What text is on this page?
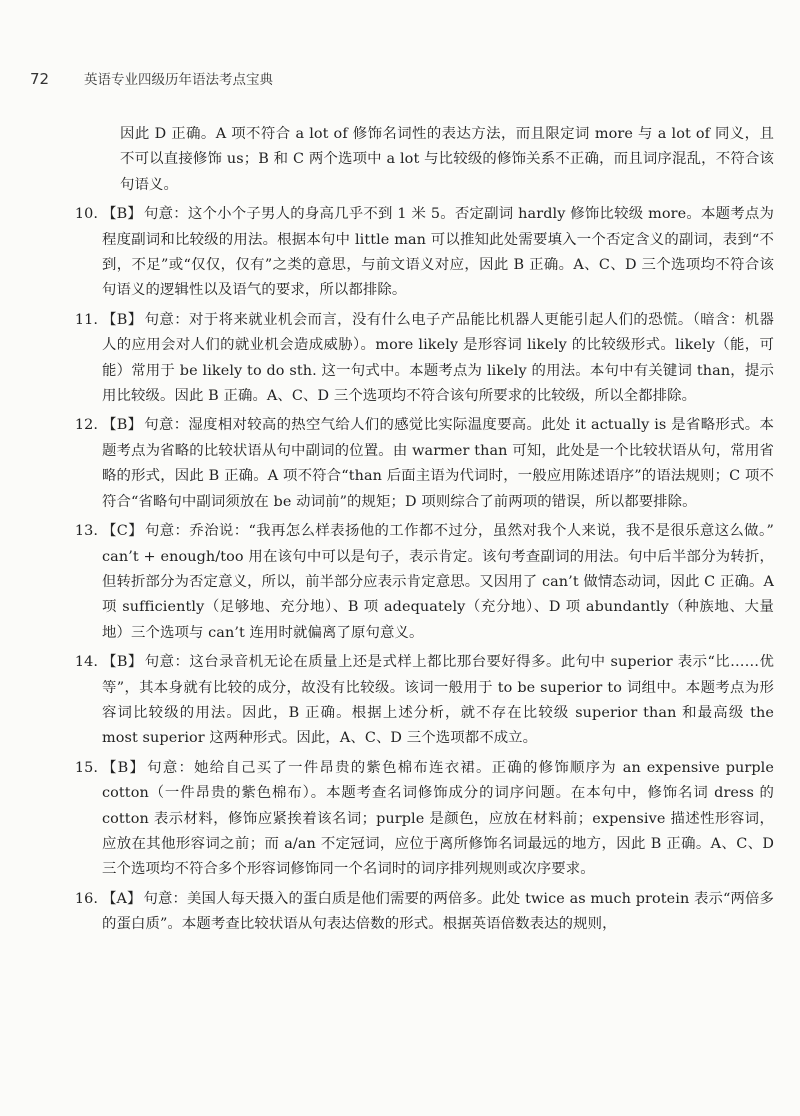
72	英语专业四级历年语法考点宝典

因此 D 正确。A 项不符合 a lot of 修饰名词性的表达方法，而且限定词 more 与 a lot of 同义，且不可以直接修饰 us；B 和 C 两个选项中 a lot 与比较级的修饰关系不正确，而且词序混乱，不符合该句语义。

10. 【B】 句意：这个小个子男人的身高几乎不到 1 米 5。否定副词 hardly 修饰比较级 more。本题考点为程度副词和比较级的用法。根据本句中 little man 可以推知此处需要填入一个否定含义的副词，表到“不到，不足”或“仅仅，仅有”之类的意思，与前文语义对应，因此 B 正确。A、C、D 三个选项均不符合该句语义的逻辑性以及语气的要求，所以都排除。
11. 【B】 句意：对于将来就业机会而言，没有什么电子产品能比机器人更能引起人们的恐慌。（暗含：机器人的应用会对人们的就业机会造成威胁）。more likely 是形容词 likely 的比较级形式。likely（能，可能）常用于 be likely to do sth. 这一句式中。本题考点为 likely 的用法。本句中有关键词 than，提示用比较级。因此 B 正确。A、C、D 三个选项均不符合该句所要求的比较级，所以全都排除。
12. 【B】 句意：湿度相对较高的热空气给人们的感觉比实际温度要高。此处 it actually is 是省略形式。本题考点为省略的比较状语从句中副词的位置。由 warmer than 可知，此处是一个比较状语从句，常用省略的形式，因此 B 正确。A 项不符合“than 后面主语为代词时，一般应用陈述语序”的语法规则；C 项不符合“省略句中副词须放在 be 动词前”的规矩；D 项则综合了前两项的错误，所以都要排除。
13. 【C】 句意：乔治说：“我再怎么样表扬他的工作都不过分，虽然对我个人来说，我不是很乐意这么做。” can’t + enough/too 用在该句中可以是句子，表示肯定。该句考查副词的用法。句中后半部分为转折，但转折部分为否定意义，所以，前半部分应表示肯定意思。又因用了 can’t 做情态动词，因此 C 正确。A 项 sufficiently（足够地、充分地）、B 项 adequately（充分地）、D 项 abundantly（种族地、大量地）三个选项与 can’t 连用时就偏离了原句意义。
14. 【B】 句意：这台录音机无论在质量上还是式样上都比那台要好得多。此句中 superior 表示“比……优等”，其本身就有比较的成分，故没有比较级。该词一般用于 to be superior to 词组中。本题考点为形容词比较级的用法。因此，B 正确。根据上述分析，就不存在比较级 superior than 和最高级 the most superior 这两种形式。因此，A、C、D 三个选项都不成立。
15. 【B】 句意：她给自己买了一件昂贵的紫色棉布连衣裙。正确的修饰顺序为 an expensive purple cotton（一件昂贵的紫色棉布）。本题考查名词修饰成分的词序问题。在本句中，修饰名词 dress 的 cotton 表示材料，修饰应紧挨着该名词；purple 是颜色，应放在材料前；expensive 描述性形容词，应放在其他形容词之前；而 a/an 不定冠词，应位于离所修饰名词最远的地方，因此 B 正确。A、C、D 三个选项均不符合多个形容词修饰同一个名词时的词序排列规则或次序要求。
16. 【A】 句意：美国人每天摄入的蛋白质是他们需要的两倍多。此处 twice as much protein 表示“两倍多的蛋白质”。本题考查比较状语从句表达倍数的形式。根据英语倍数表达的规则，
